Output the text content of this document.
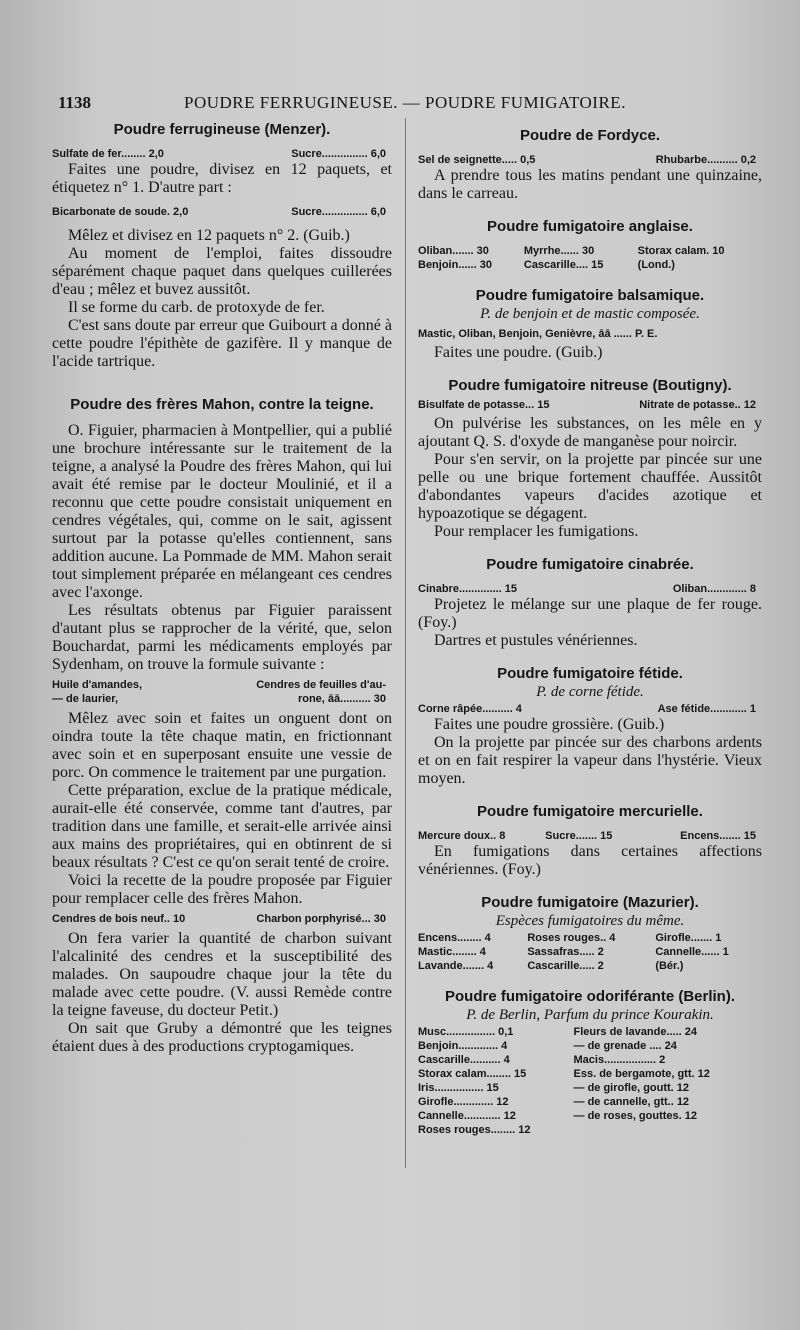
1138	POUDRE FERRUGINEUSE. — POUDRE FUMIGATOIRE.
Poudre ferrugineuse (Menzer).
Sulfate de fer........ 2,0	Sucre............... 6,0

Faites une poudre, divisez en 12 paquets, et étiquetez n° 1. D'autre part :

Bicarbonate de soude. 2,0	Sucre............... 6,0

Mêlez et divisez en 12 paquets n° 2. (Guib.)

Au moment de l'emploi, faites dissoudre séparément chaque paquet dans quelques cuillerées d'eau ; mêlez et buvez aussitôt.

Il se forme du carb. de protoxyde de fer.

C'est sans doute par erreur que Guibourt a donné à cette poudre l'épithète de gazifère. Il y manque de l'acide tartrique.

Poudre des frères Mahon, contre la teigne.

O. Figuier, pharmacien à Montpellier, qui a publié une brochure intéressante sur le traitement de la teigne, a analysé la Poudre des frères Mahon, qui lui avait été remise par le docteur Moulinié, et il a reconnu que cette poudre consistait uniquement en cendres végétales, qui, comme on le sait, agissent surtout par la potasse qu'elles contiennent, sans addition aucune. La Pommade de MM. Mahon serait tout simplement préparée en mélangeant ces cendres avec l'axonge.

Les résultats obtenus par Figuier paraissent d'autant plus se rapprocher de la vérité, que, selon Bouchardat, parmi les médicaments employés par Sydenham, on trouve la formule suivante :

Huile d'amandes,	Cendres de feuilles d'au-
— de laurier,	rone, āā.......... 30

Mêlez avec soin et faites un onguent dont on oindra toute la tête chaque matin, en frictionnant avec soin et en superposant ensuite une vessie de porc. On commence le traitement par une purgation.

Cette préparation, exclue de la pratique médicale, aurait-elle été conservée, comme tant d'autres, par tradition dans une famille, et serait-elle arrivée ainsi aux mains des propriétaires, qui en obtinrent de si beaux résultats ? C'est ce qu'on serait tenté de croire.

Voici la recette de la poudre proposée par Figuier pour remplacer celle des frères Mahon.

Cendres de bois neuf.. 10	Charbon porphyrisé... 30

On fera varier la quantité de charbon suivant l'alcalinité des cendres et la susceptibilité des malades. On saupoudre chaque jour la tête du malade avec cette poudre. (V. aussi Remède contre la teigne faveuse, du docteur Petit.)

On sait que Gruby a démontré que les teignes étaient dues à des productions cryptogamiques.

Poudre de Fordyce.
Sel de seignette..... 0,5	Rhubarbe.......... 0,2

A prendre tous les matins pendant une quinzaine, dans le carreau.

Poudre fumigatoire anglaise.
Oliban....... 30	Myrrhe...... 30	Storax calam. 10
Benjoin...... 30	Cascarille.... 15	(Lond.)
Poudre fumigatoire balsamique.
P. de benjoin et de mastic composée.
Mastic, Oliban, Benjoin, Genièvre, āā ...... P. E.

Faites une poudre. (Guib.)

Poudre fumigatoire nitreuse (Boutigny).
Bisulfate de potasse... 15	Nitrate de potasse.. 12

On pulvérise les substances, on les mêle en y ajoutant Q. S. d'oxyde de manganèse pour noircir.

Pour s'en servir, on la projette par pincée sur une pelle ou une brique fortement chauffée. Aussitôt d'abondantes vapeurs d'acides azotique et hypoazotique se dégagent.

Pour remplacer les fumigations.

Poudre fumigatoire cinabrée.
Cinabre.............. 15	Oliban............. 8

Projetez le mélange sur une plaque de fer rouge. (Foy.)

Dartres et pustules vénériennes.

Poudre fumigatoire fétide.
P. de corne fétide.
Corne râpée.......... 4	Ase fétide............ 1

Faites une poudre grossière. (Guib.)

On la projette par pincée sur des charbons ardents et on en fait respirer la vapeur dans l'hystérie. Vieux moyen.

Poudre fumigatoire mercurielle.
Mercure doux.. 8	Sucre....... 15	Encens....... 15

En fumigations dans certaines affections vénériennes. (Foy.)

Poudre fumigatoire (Mazurier).
Espèces fumigatoires du même.
Encens........ 4	Roses rouges.. 4	Girofle....... 1
Mastic........ 4	Sassafras..... 2	Cannelle...... 1
Lavande....... 4	Cascarille..... 2	(Bér.)
Poudre fumigatoire odoriférante (Berlin).
P. de Berlin, Parfum du prince Kourakin.
Musc................ 0,1	Fleurs de lavande..... 24
Benjoin............. 4	— de grenade .... 24
Cascarille.......... 4	Macis................. 2
Storax calam........ 15	Ess. de bergamote, gtt. 12
Iris................ 15	— de girofle, goutt. 12
Girofle............. 12	— de cannelle, gtt.. 12
Cannelle............ 12	— de roses, gouttes. 12
Roses rouges........ 12	
